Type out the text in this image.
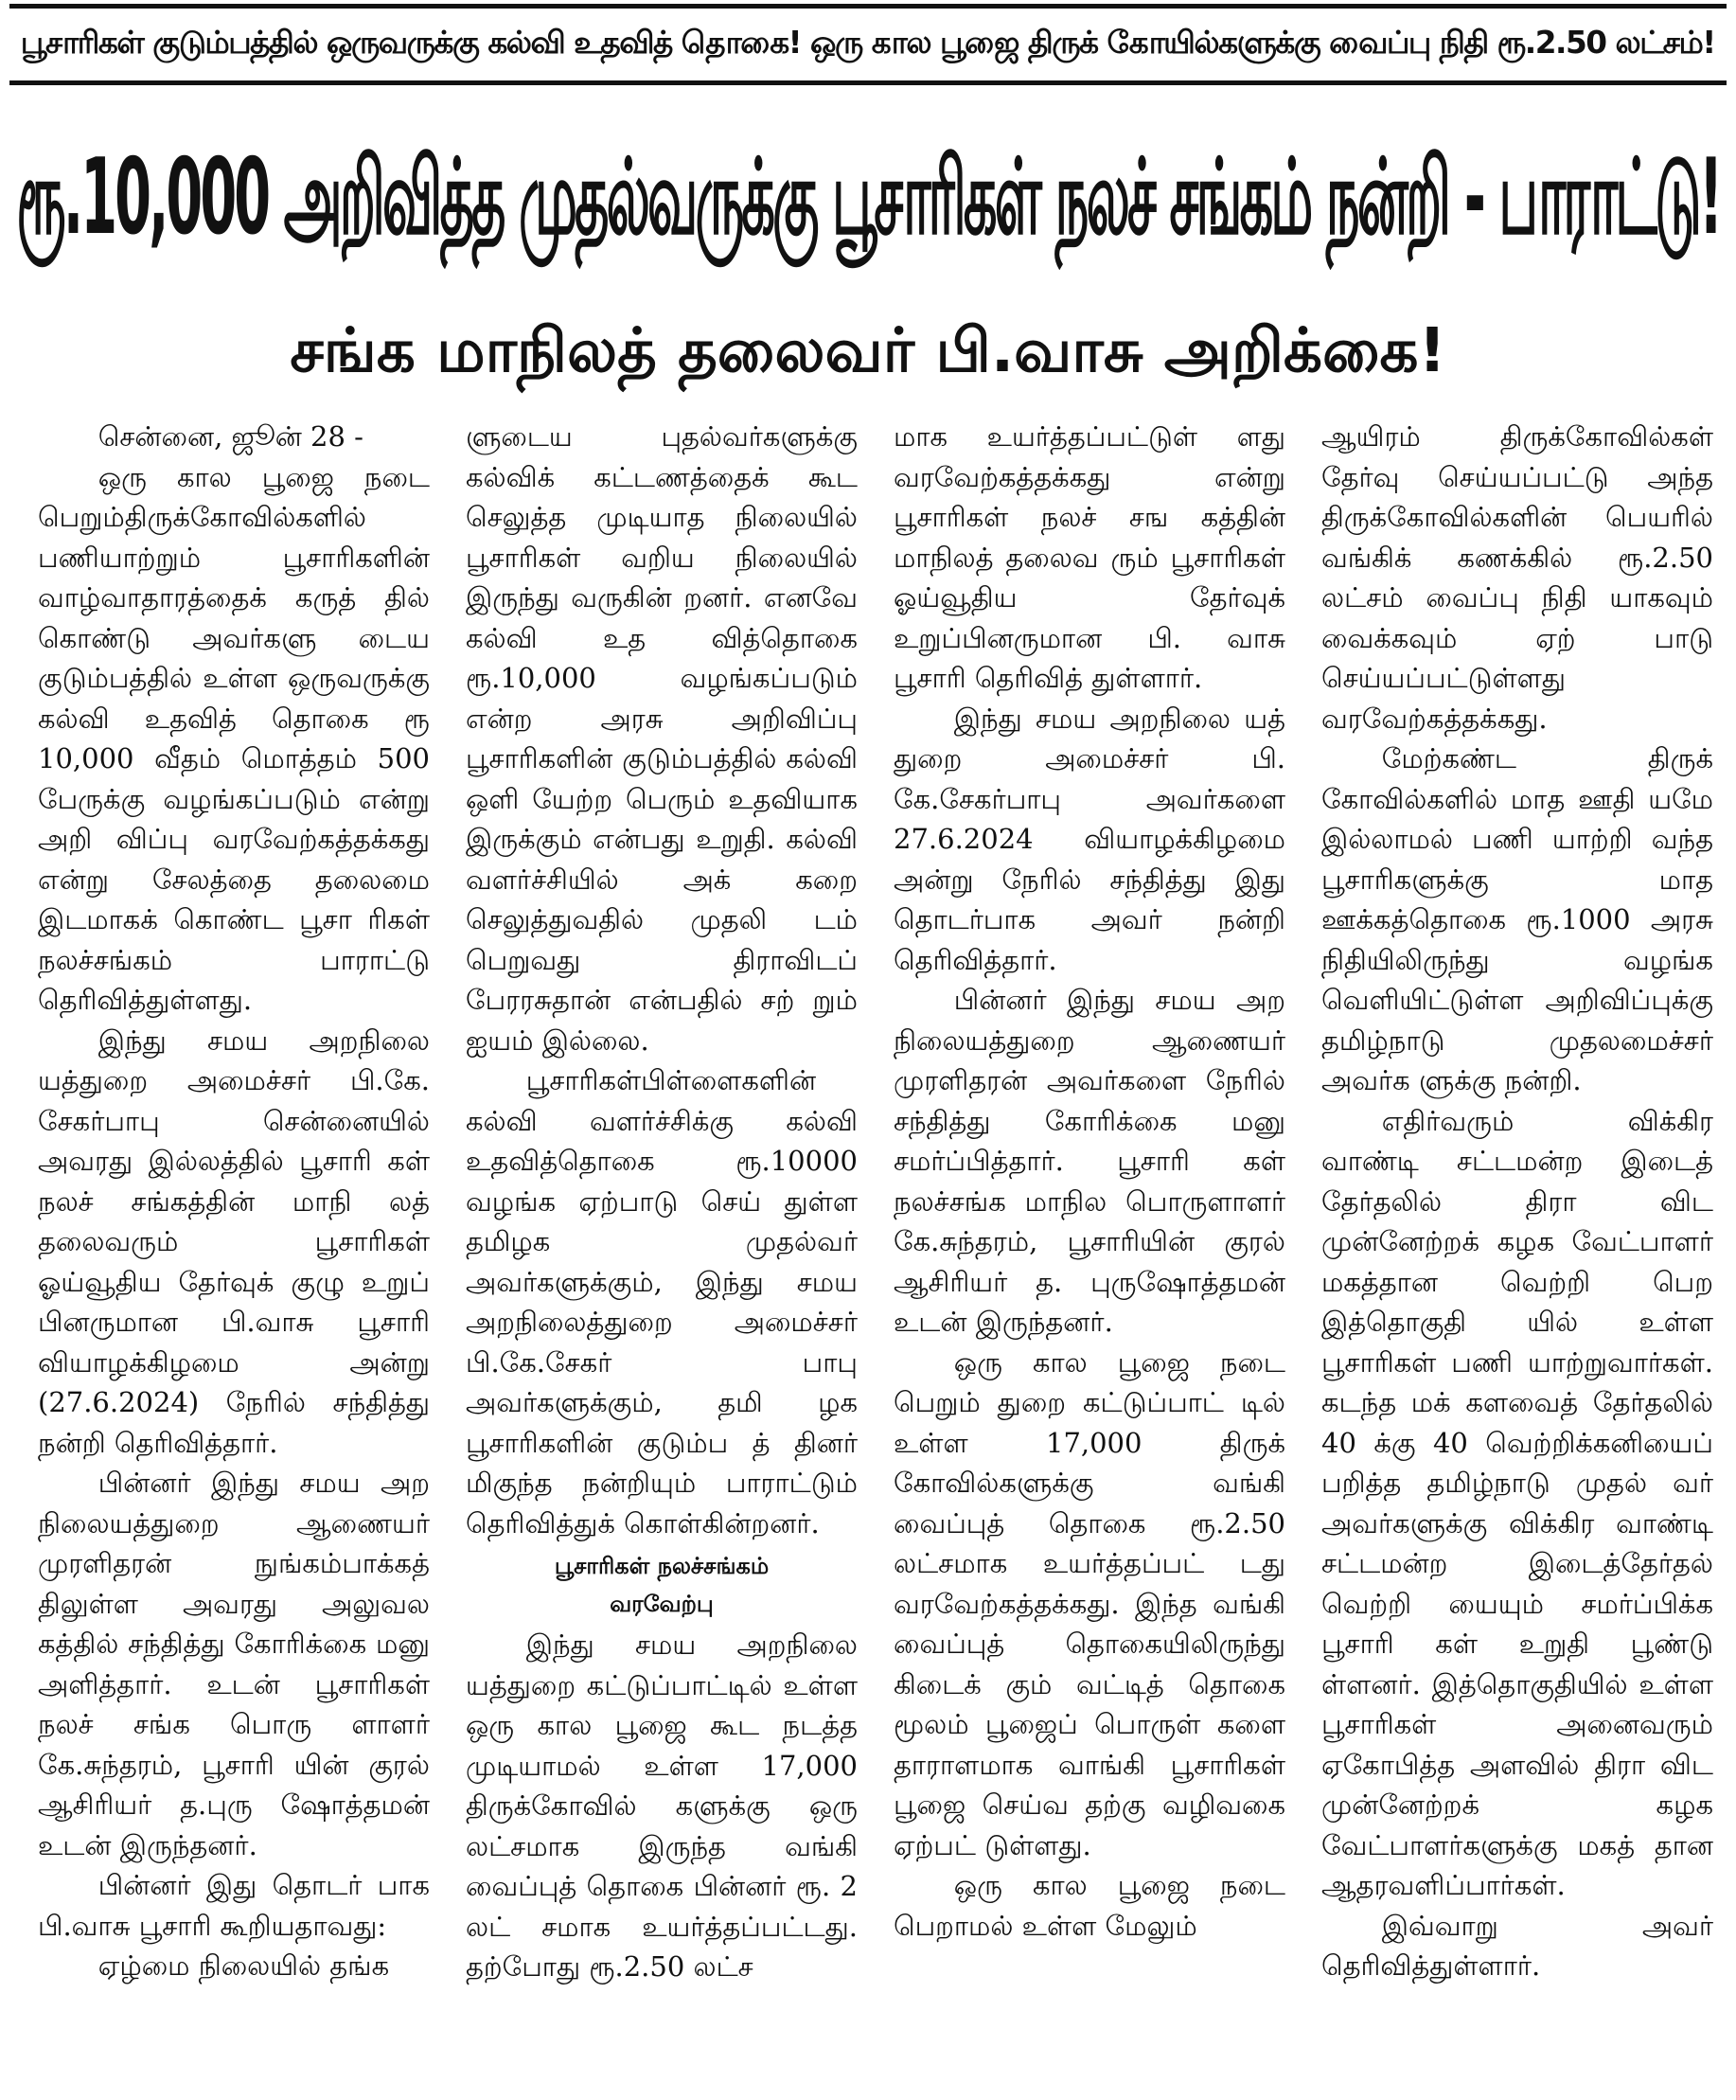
பூசாரிகள் குடும்பத்தில் ஒருவருக்கு கல்வி உதவித் தொகை! ஒரு கால பூஜை திருக் கோயில்களுக்கு வைப்பு நிதி ரூ.2.50 லட்சம்!
ரூ.10,000 அறிவித்த முதல்வருக்கு பூசாரிகள் நலச் சங்கம் நன்றி - பாராட்டு!
சங்க மாநிலத் தலைவர் பி.வாசு அறிக்கை!

சென்னை, ஜூன் 28 -

ஒரு கால பூஜை நடை பெறும்திருக்கோவில்களில் பணியாற்றும் பூசாரிகளின் வாழ்வாதாரத்தைக் கருத் தில் கொண்டு அவர்களு டைய குடும்பத்தில் உள்ள ஒருவருக்கு கல்வி உதவித் தொகை ரூ 10,000 வீதம் மொத்தம் 500 பேருக்கு வழங்கப்படும் என்று அறி விப்பு வரவேற்கத்தக்கது என்று சேலத்தை தலைமை இடமாகக் கொண்ட பூசா ரிகள் நலச்சங்கம் பாராட்டு தெரிவித்துள்ளது.

இந்து சமய அறநிலை யத்துறை அமைச்சர் பி.கே. சேகர்பாபு சென்னையில் அவரது இல்லத்தில் பூசாரி கள் நலச் சங்கத்தின் மாநி லத் தலைவரும் பூசாரிகள் ஓய்வூதிய தேர்வுக் குழு உறுப் பினருமான பி.வாசு பூசாரி வியாழக்கிழமை அன்று (27.6.2024) நேரில் சந்தித்து நன்றி தெரிவித்தார்.

பின்னர் இந்து சமய அற நிலையத்துறை ஆணையர் முரளிதரன் நுங்கம்பாக்கத் திலுள்ள அவரது அலுவல கத்தில் சந்தித்து கோரிக்கை மனு அளித்தார். உடன் பூசாரிகள் நலச் சங்க பொரு ளாளர் கே.சுந்தரம், பூசாரி யின் குரல் ஆசிரியர் த.புரு ஷோத்தமன் உடன் இருந்தனர்.

பின்னர் இது தொடர் பாக பி.வாசு பூசாரி கூறியதாவது:

ஏழ்மை நிலையில் தங்க

ளுடைய புதல்வர்களுக்கு கல்விக் கட்டணத்தைக் கூட செலுத்த முடியாத நிலையில் பூசாரிகள் வறிய நிலையில் இருந்து வருகின் றனர். எனவே கல்வி உத வித்தொகை ரூ.10,000 வழங்கப்படும் என்ற அரசு அறிவிப்பு பூசாரிகளின் குடும்பத்தில் கல்வி ஒளி யேற்ற பெரும் உதவியாக இருக்கும் என்பது உறுதி. கல்வி வளர்ச்சியில் அக் கறை செலுத்துவதில் முதலி டம் பெறுவது திராவிடப் பேரரசுதான் என்பதில் சற் றும் ஐயம் இல்லை.

பூசாரிகள்பிள்ளைகளின் கல்வி வளர்ச்சிக்கு கல்வி உதவித்தொகை ரூ.10000 வழங்க ஏற்பாடு செய் துள்ள தமிழக முதல்வர் அவர்களுக்கும், இந்து சமய அறநிலைத்துறை அமைச்சர் பி.கே.சேகர் பாபு அவர்களுக்கும், தமி ழக பூசாரிகளின் குடும்ப த் தினர் மிகுந்த நன்றியும் பாராட்டும் தெரிவித்துக் கொள்கின்றனர்.

பூசாரிகள் நலச்சங்கம்
வரவேற்பு

இந்து சமய அறநிலை யத்துறை கட்டுப்பாட்டில் உள்ள ஒரு கால பூஜை கூட நடத்த முடியாமல் உள்ள 17,000 திருக்கோவில் களுக்கு ஒரு லட்சமாக இருந்த வங்கி வைப்புத் தொகை பின்னர் ரூ. 2 லட் சமாக உயர்த்தப்பட்டது. தற்போது ரூ.2.50 லட்ச

மாக உயர்த்தப்பட்டுள் ளது வரவேற்கத்தக்கது என்று பூசாரிகள் நலச் சங கத்தின் மாநிலத் தலைவ ரும் பூசாரிகள் ஓய்வூதிய தேர்வுக் உறுப்பினருமான பி. வாசு பூசாரி தெரிவித் துள்ளார்.

இந்து சமய அறநிலை யத் துறை அமைச்சர் பி. கே.சேகர்பாபு அவர்களை 27.6.2024 வியாழக்கிழமை அன்று நேரில் சந்தித்து இது தொடர்பாக அவர் நன்றி தெரிவித்தார்.

பின்னர் இந்து சமய அற நிலையத்துறை ஆணையர் முரளிதரன் அவர்களை நேரில் சந்தித்து கோரிக்கை மனு சமர்ப்பித்தார். பூசாரி கள் நலச்சங்க மாநில பொருளாளர் கே.சுந்தரம், பூசாரியின் குரல் ஆசிரியர் த. புருஷோத்தமன் உடன் இருந்தனர்.

ஒரு கால பூஜை நடை பெறும் துறை கட்டுப்பாட் டில் உள்ள 17,000 திருக் கோவில்களுக்கு வங்கி வைப்புத் தொகை ரூ.2.50 லட்சமாக உயர்த்தப்பட் டது வரவேற்கத்தக்கது. இந்த வங்கி வைப்புத் தொகையிலிருந்து கிடைக் கும் வட்டித் தொகை மூலம் பூஜைப் பொருள் களை தாராளமாக வாங்கி பூசாரிகள் பூஜை செய்வ தற்கு வழிவகை ஏற்பட் டுள்ளது.

ஒரு கால பூஜை நடை பெறாமல் உள்ள மேலும்

ஆயிரம் திருக்கோவில்கள் தேர்வு செய்யப்பட்டு அந்த திருக்கோவில்களின் பெயரில் வங்கிக் கணக்கில் ரூ.2.50 லட்சம் வைப்பு நிதி யாகவும் வைக்கவும் ஏற் பாடு செய்யப்பட்டுள்ளது வரவேற்கத்தக்கது.

மேற்கண்ட திருக் கோவில்களில் மாத ஊதி யமே இல்லாமல் பணி யாற்றி வந்த பூசாரிகளுக்கு மாத ஊக்கத்தொகை ரூ.1000 அரசு நிதியிலிருந்து வழங்க வெளியிட்டுள்ள அறிவிப்புக்கு தமிழ்நாடு முதலமைச்சர் அவர்க ளுக்கு நன்றி.

எதிர்வரும் விக்கிர வாண்டி சட்டமன்ற இடைத் தேர்தலில் திரா விட முன்னேற்றக் கழக வேட்பாளர் மகத்தான வெற்றி பெற இத்தொகுதி யில் உள்ள பூசாரிகள் பணி யாற்றுவார்கள். கடந்த மக் களவைத் தேர்தலில் 40 க்கு 40 வெற்றிக்கனியைப் பறித்த தமிழ்நாடு முதல் வர் அவர்களுக்கு விக்கிர வாண்டி சட்டமன்ற இடைத்தேர்தல் வெற்றி யையும் சமர்ப்பிக்க பூசாரி கள் உறுதி பூண்டு ள்ளனர். இத்தொகுதியில் உள்ள பூசாரிகள் அனைவரும் ஏகோபித்த அளவில் திரா விட முன்னேற்றக் கழக வேட்பாளர்களுக்கு மகத் தான ஆதரவளிப்பார்கள்.

இவ்வாறு அவர் தெரிவித்துள்ளார்.
